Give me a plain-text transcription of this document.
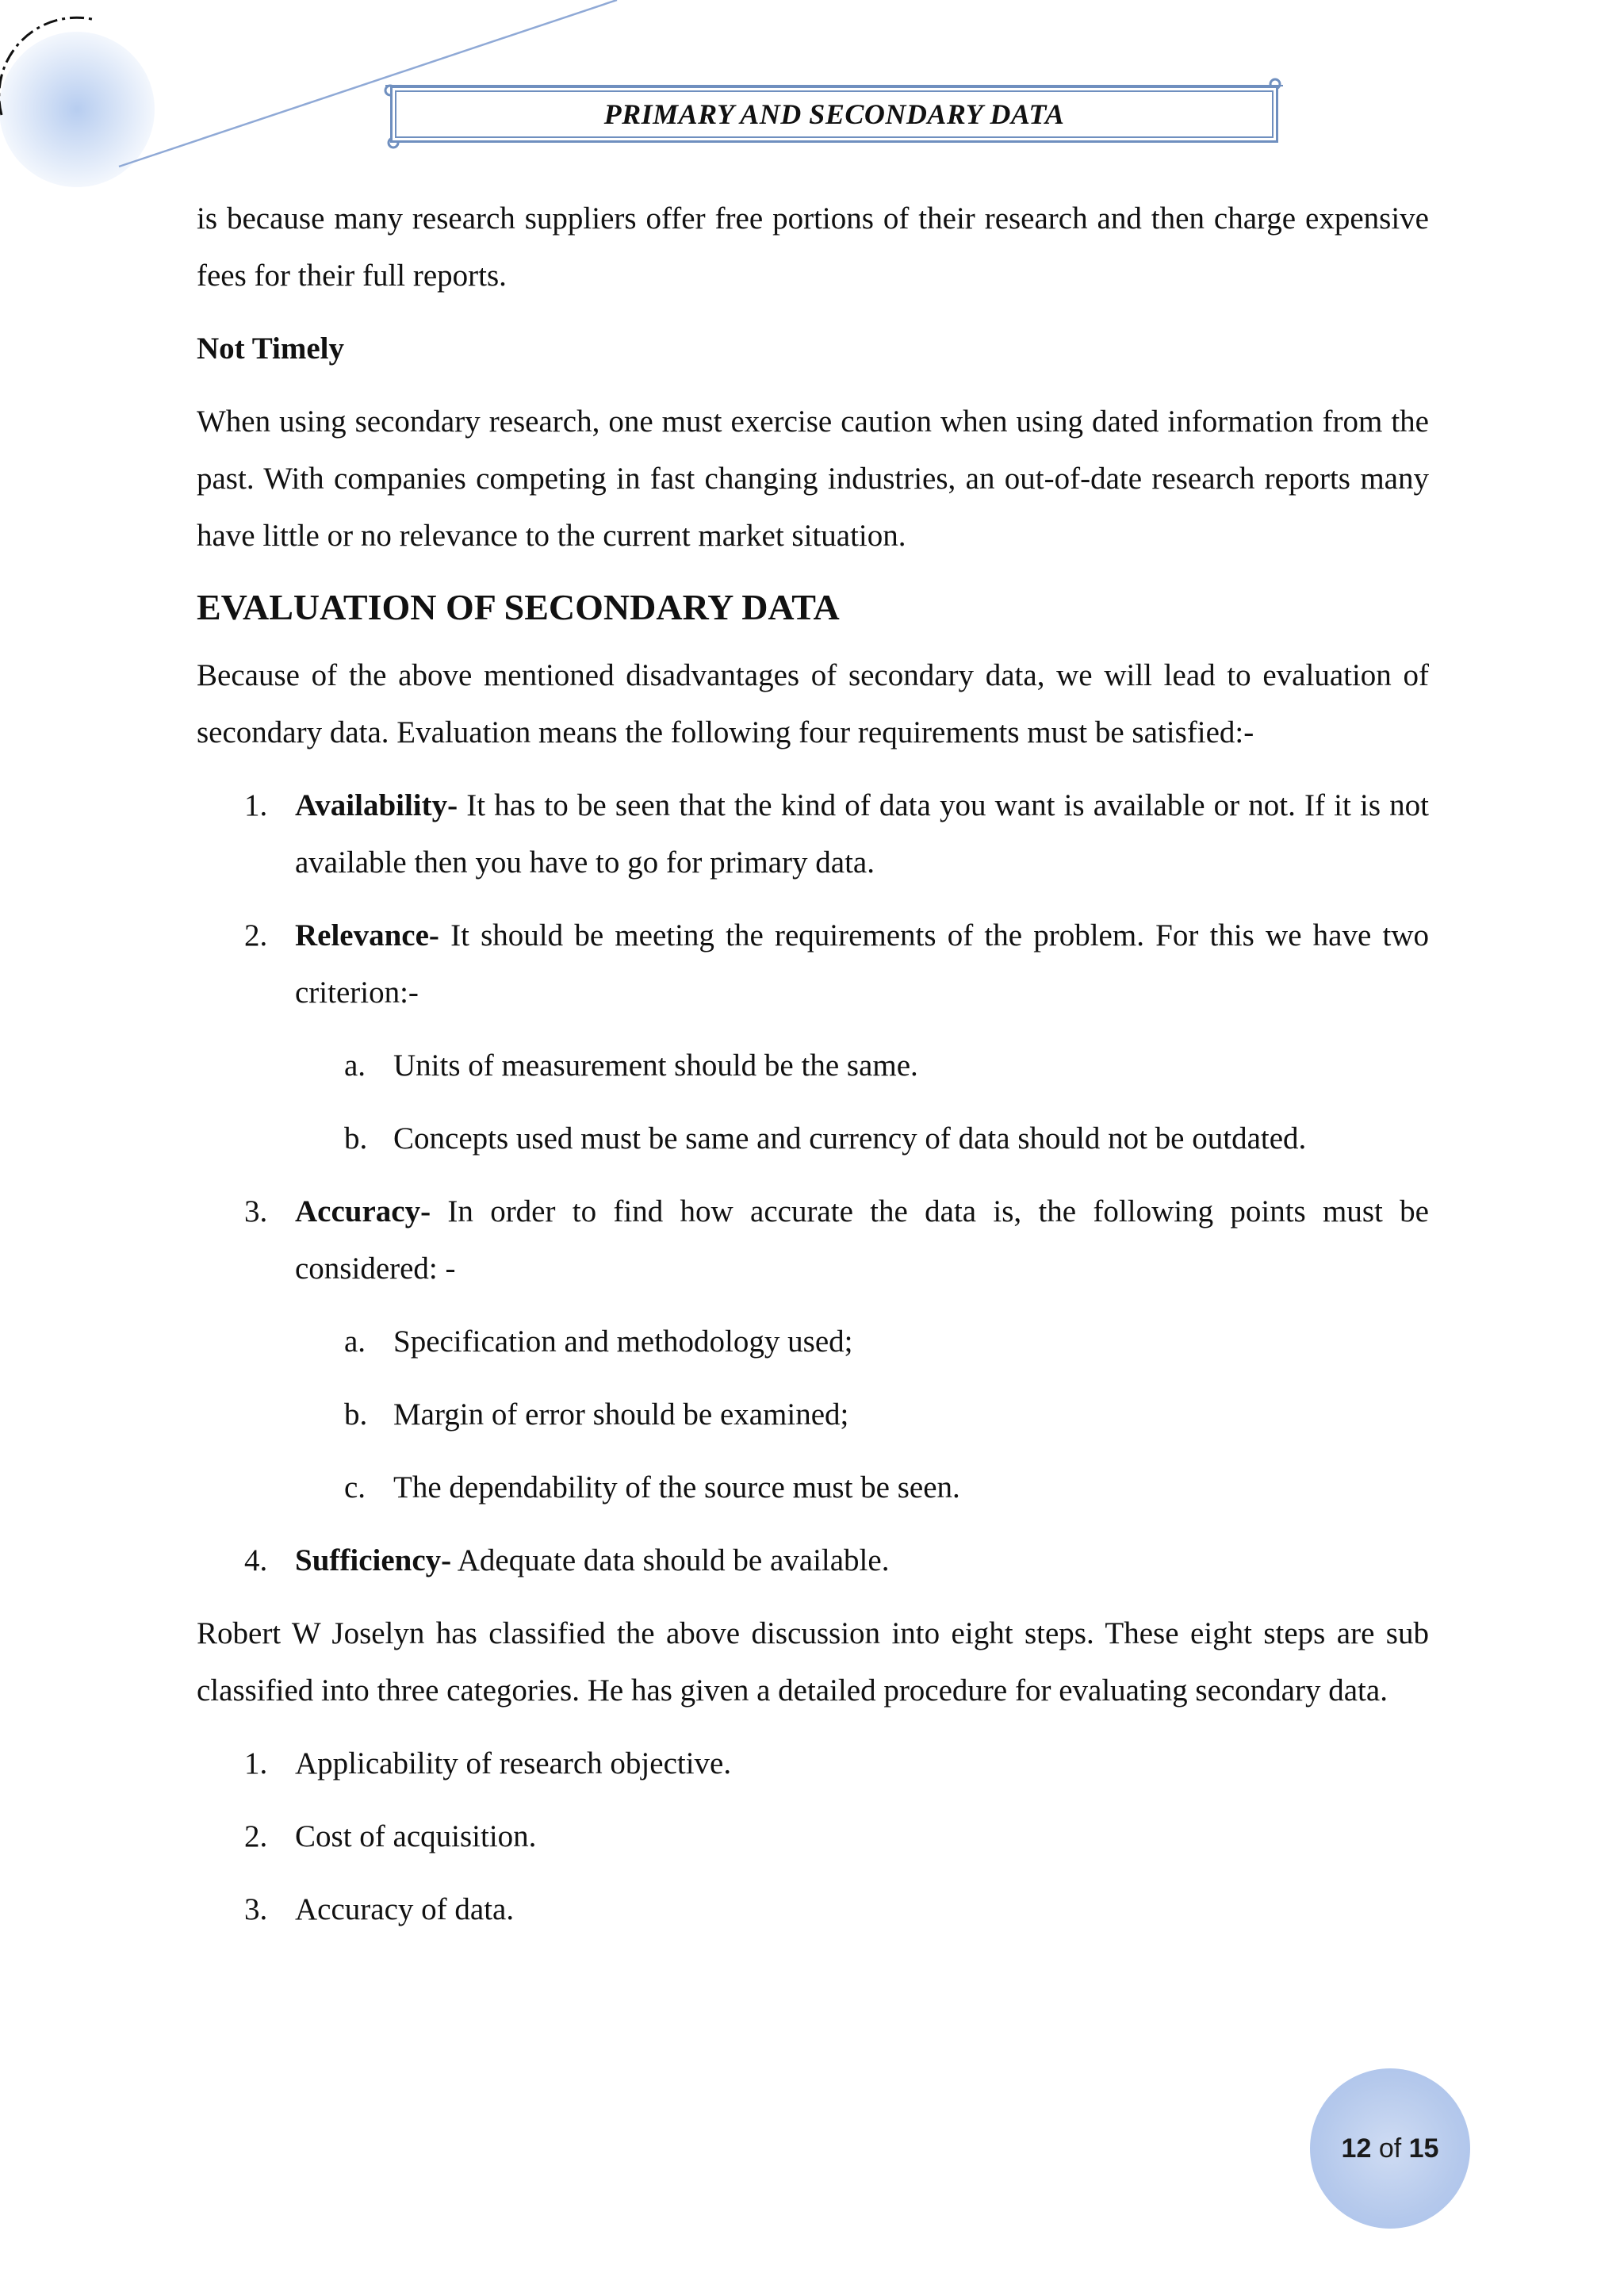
PRIMARY AND SECONDARY DATA

is because many research suppliers offer free portions of their research and then charge expensive fees for their full reports.

Not Timely

When using secondary research, one must exercise caution when using dated information from the past. With companies competing in fast changing industries, an out-of-date research reports many have little or no relevance to the current market situation.

EVALUATION OF SECONDARY DATA

Because of the above mentioned disadvantages of secondary data, we will lead to evaluation of secondary data. Evaluation means the following four requirements must be satisfied:-

1. Availability- It has to be seen that the kind of data you want is available or not. If it is not available then you have to go for primary data.
2. Relevance- It should be meeting the requirements of the problem. For this we have two criterion:-
a. Units of measurement should be the same.
b. Concepts used must be same and currency of data should not be outdated.
3. Accuracy- In order to find how accurate the data is, the following points must be considered: -
a. Specification and methodology used;
b. Margin of error should be examined;
c. The dependability of the source must be seen.
4. Sufficiency- Adequate data should be available.

Robert W Joselyn has classified the above discussion into eight steps. These eight steps are sub classified into three categories. He has given a detailed procedure for evaluating secondary data.

1. Applicability of research objective.
2. Cost of acquisition.
3. Accuracy of data.
12 of 15
